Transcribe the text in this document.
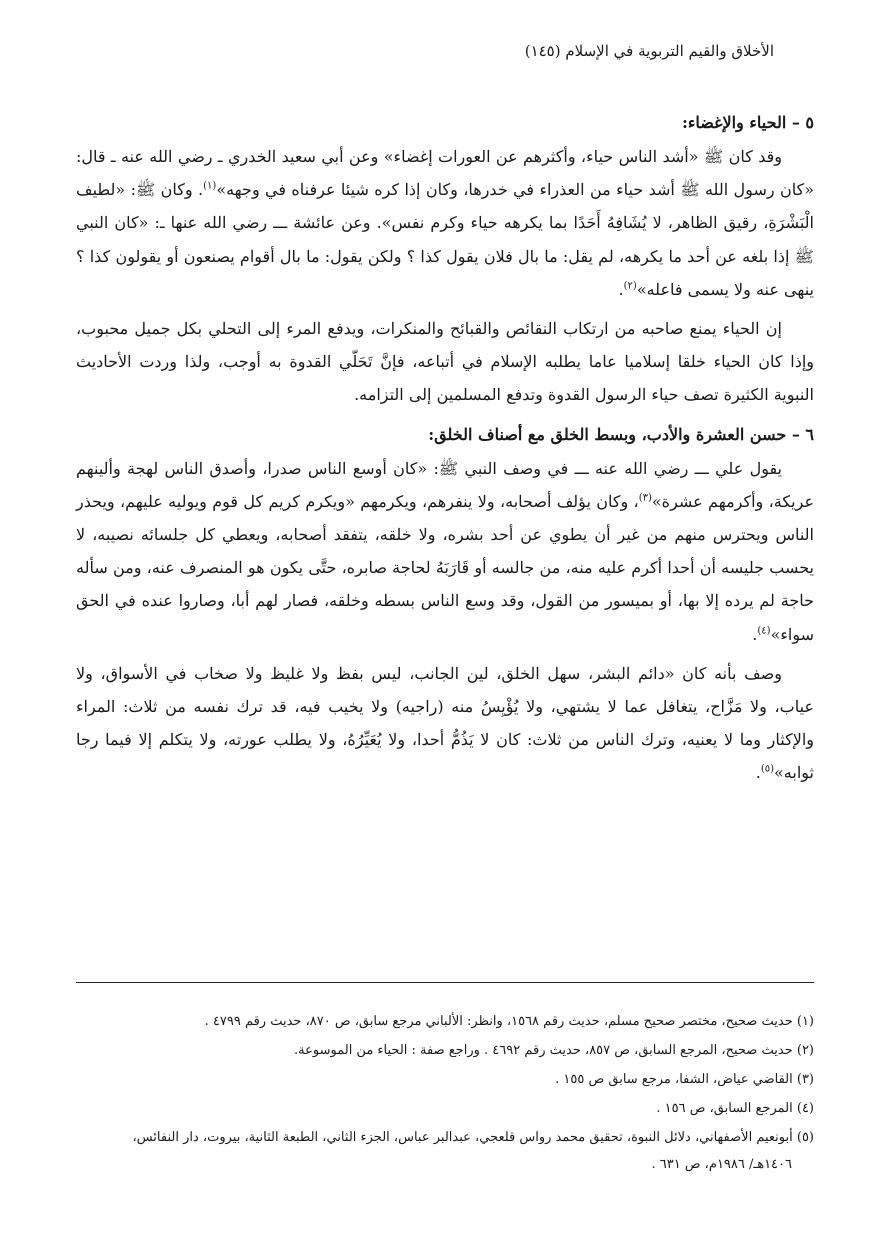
الأخلاق والقيم التربوية في الإسلام (١٤٥)

٥ – الحياء والإغضاء:

وقد كان ﷺ «أشد الناس حياء، وأكثرهم عن العورات إغضاء» وعن أبي سعيد الخدري ـ رضي الله عنه ـ قال: «كان رسول الله ﷺ أشد حياء من العذراء في خدرها، وكان إذا كره شيئا عرفناه في وجهه»$^{(١)}$. وكان ﷺ: «لطيف الْبَشْرَةِ، رقيق الظاهر، لا يُشَافِهُ أَحَدًا بما يكرهه حياء وكرم نفس». وعن عائشة ـــ رضي الله عنها ـ: «كان النبي ﷺ إذا بلغه عن أحد ما يكرهه، لم يقل: ما بال فلان يقول كذا ؟ ولكن يقول: ما بال أقوام يصنعون أو يقولون كذا ؟ ينهى عنه ولا يسمى فاعله»$^{(٢)}$.

إن الحياء يمنع صاحبه من ارتكاب النقائص والقبائح والمنكرات، ويدفع المرء إلى التحلي بكل جميل محبوب، وإذا كان الحياء خلقا إسلاميا عاما يطلبه الإسلام في أتباعه، فإنَّ تَحَلّي القدوة به أوجب، ولذا وردت الأحاديث النبوية الكثيرة تصف حياء الرسول القدوة وتدفع المسلمين إلى التزامه.

٦ – حسن العشرة والأدب، وبسط الخلق مع أصناف الخلق:

يقول علي ـــ رضي الله عنه ـــ في وصف النبي ﷺ: «كان أوسع الناس صدرا، وأصدق الناس لهجة وألينهم عريكة، وأكرمهم عشرة»$^{(٣)}$، وكان يؤلف أصحابه، ولا ينفرهم، ويكرمهم «ويكرم كريم كل قوم ويوليه عليهم، ويحذر الناس ويحترس منهم من غير أن يطوي عن أحد بشره، ولا خلقه، يتفقد أصحابه، ويعطي كل جلسائه نصيبه، لا يحسب جليسه أن أحدا أكرم عليه منه، من جالسه أو قَارَبَهُ لحاجة صابره، حتَّى يكون هو المنصرف عنه، ومن سأله حاجة لم يرده إلا بها، أو بميسور من القول، وقد وسع الناس بسطه وخلقه، فصار لهم أبا، وصاروا عنده في الحق سواء»$^{(٤)}$.

وصف بأنه كان «دائم البشر، سهل الخلق، لين الجانب، ليس بفظ ولا غليظ ولا صخاب في الأسواق، ولا عياب، ولا مَزَّاح، يتغافل عما لا يشتهي، ولا يُؤْيِسُ منه (راجيه) ولا يخيب فيه، قد ترك نفسه من ثلاث: المراء والإكثار وما لا يعنيه، وترك الناس من ثلاث: كان لا يَذُمُّ أحدا، ولا يُعَيِّرُهُ، ولا يطلب عورته، ولا يتكلم إلا فيما رجا ثوابه»$^{(٥)}$.

(١) حديث صحيح، مختصر صحيح مسلم، حديث رقم ١٥٦٨، وانظر: الألباني مرجع سابق، ص ٨٧٠، حديث رقم ٤٧٩٩ .
(٢) حديث صحيح، المرجع السابق، ص ٨٥٧، حديث رقم ٤٦٩٢ . وراجع صفة : الحياء من الموسوعة.
(٣) القاضي عياض، الشفا، مرجع سابق ص ١٥٥ .
(٤) المرجع السابق، ص ١٥٦ .
(٥) أبونعيم الأصفهاني، دلائل النبوة، تحقيق محمد رواس قلعجي، عبدالبر عباس، الجزء الثاني، الطبعة الثانية، بيروت، دار النفائس،
١٤٠٦هـ/ ١٩٨٦م، ص ٦٣١ .
